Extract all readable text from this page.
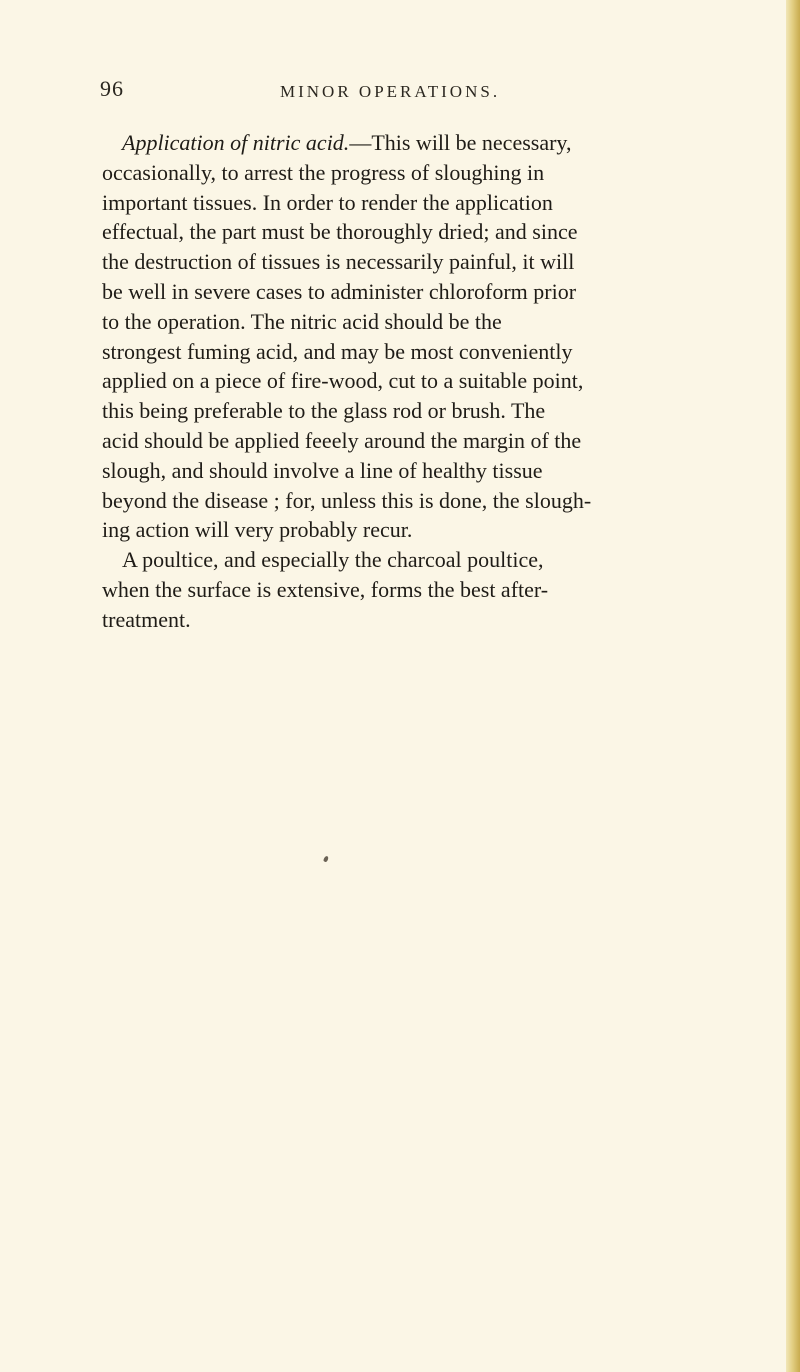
96	MINOR OPERATIONS.
Application of nitric acid.—This will be necessary,
occasionally, to arrest the progress of sloughing in
important tissues. In order to render the application
effectual, the part must be thoroughly dried; and since
the destruction of tissues is necessarily painful, it will
be well in severe cases to administer chloroform prior
to the operation. The nitric acid should be the
strongest fuming acid, and may be most conveniently
applied on a piece of fire-wood, cut to a suitable point,
this being preferable to the glass rod or brush. The
acid should be applied feeely around the margin of the
slough, and should involve a line of healthy tissue
beyond the disease ; for, unless this is done, the slough-
ing action will very probably recur.
A poultice, and especially the charcoal poultice,
when the surface is extensive, forms the best after-
treatment.
